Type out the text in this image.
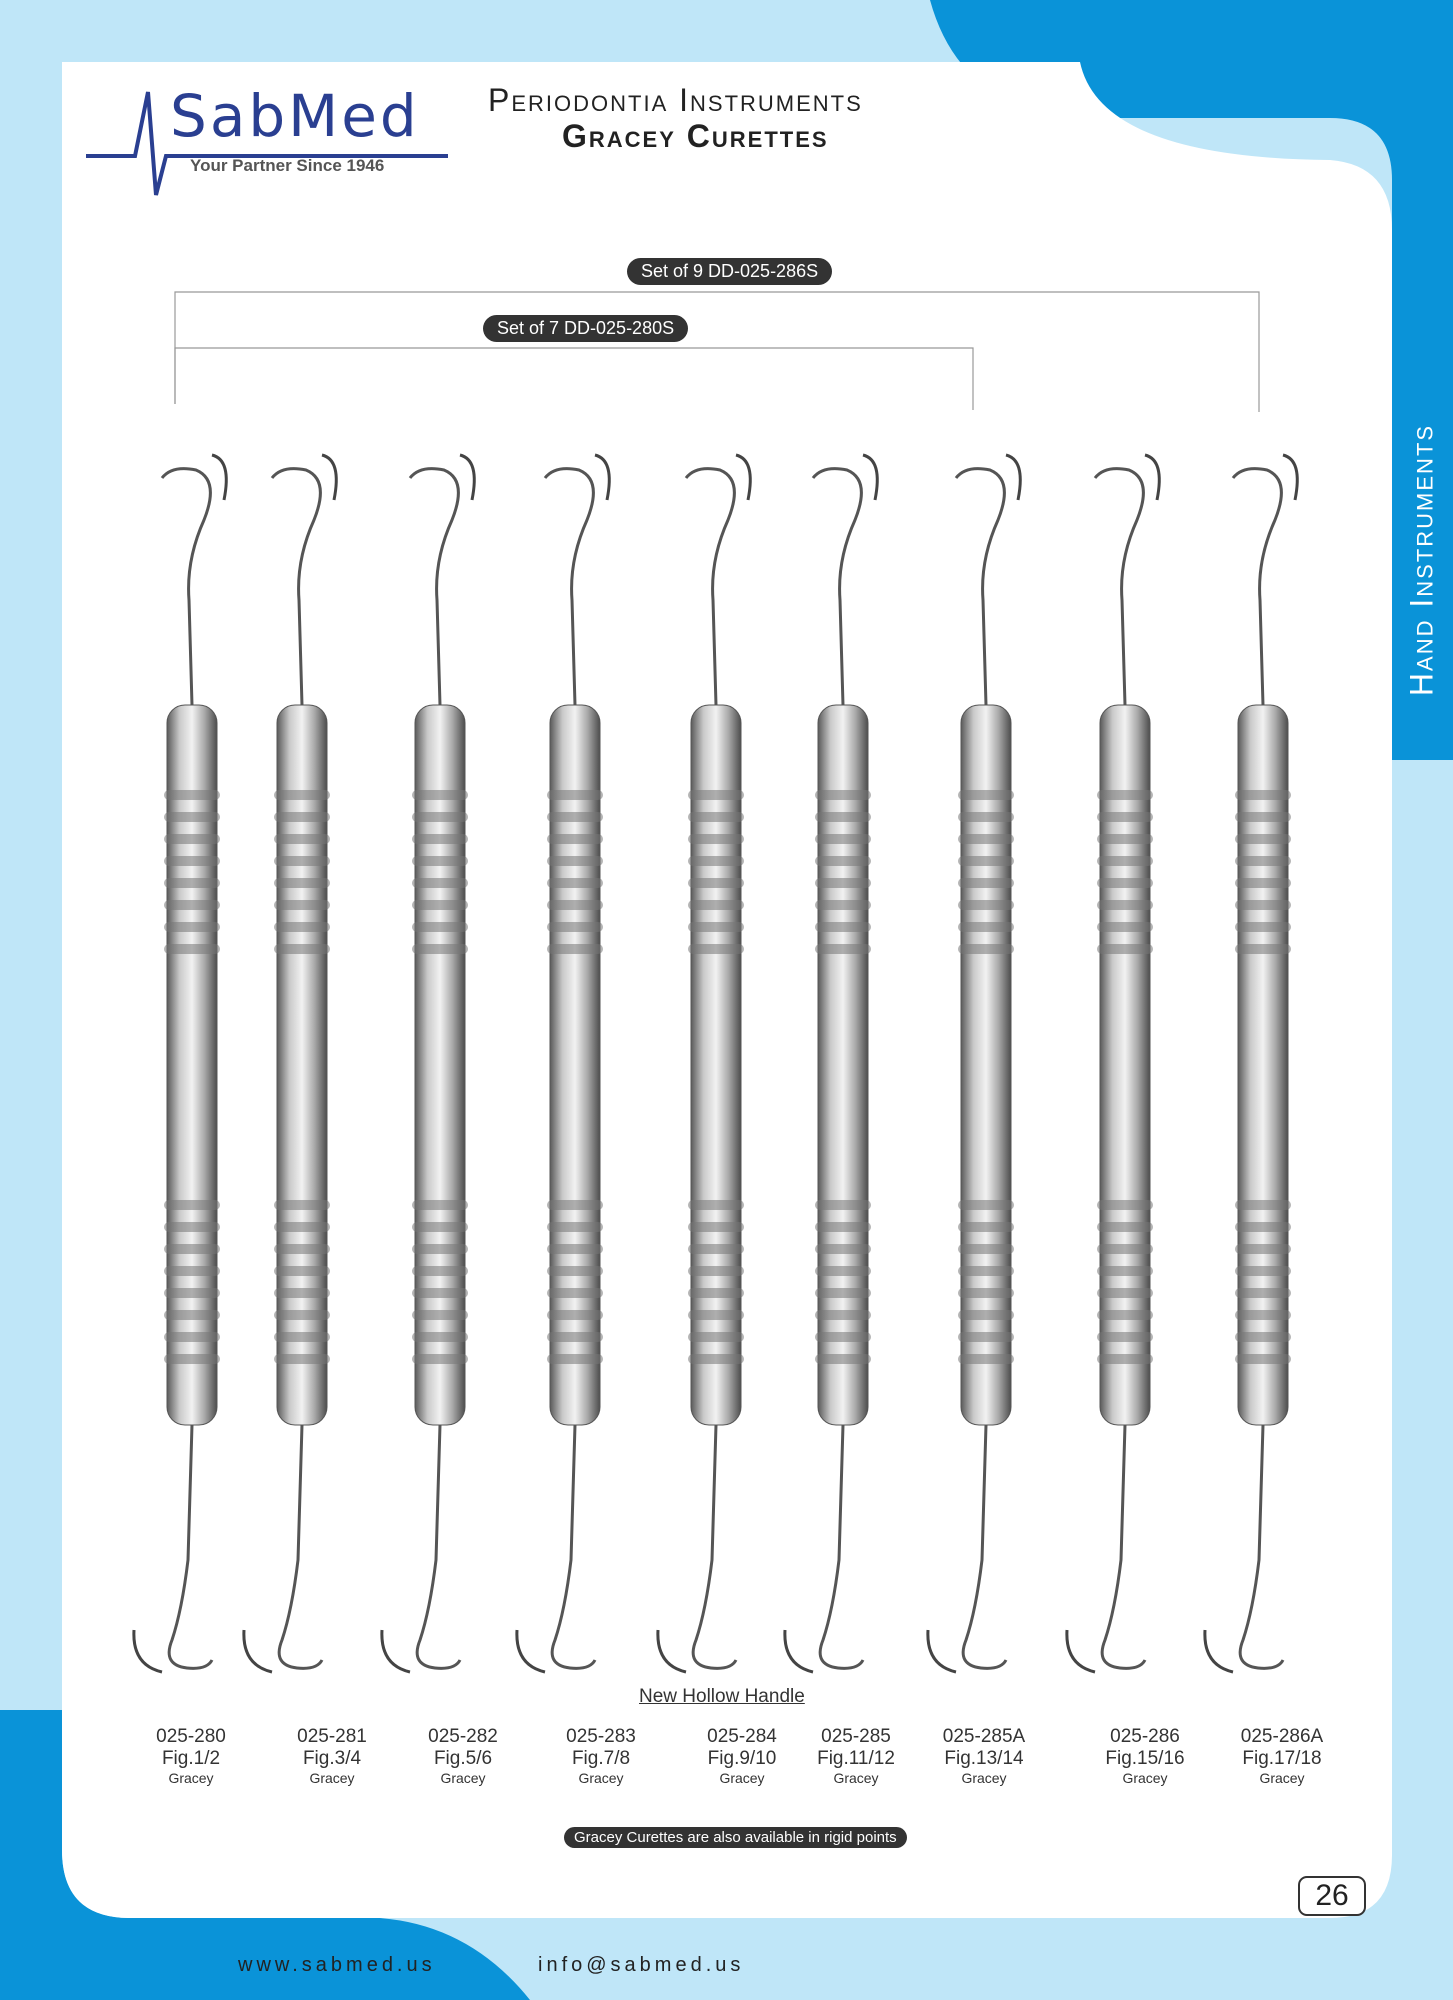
SabMed
Your Partner Since 1946
Periodontia Instruments
Gracey Curettes
Hand Instruments
Set of 9 DD-025-286S
Set of 7 DD-025-280S
New Hollow Handle
025-280
Fig.1/2
Gracey
025-281
Fig.3/4
Gracey
025-282
Fig.5/6
Gracey
025-283
Fig.7/8
Gracey
025-284
Fig.9/10
Gracey
025-285
Fig.11/12
Gracey
025-285A
Fig.13/14
Gracey
025-286
Fig.15/16
Gracey
025-286A
Fig.17/18
Gracey
Gracey Curettes are also available in rigid points
26
www.sabmed.us	info@sabmed.us
